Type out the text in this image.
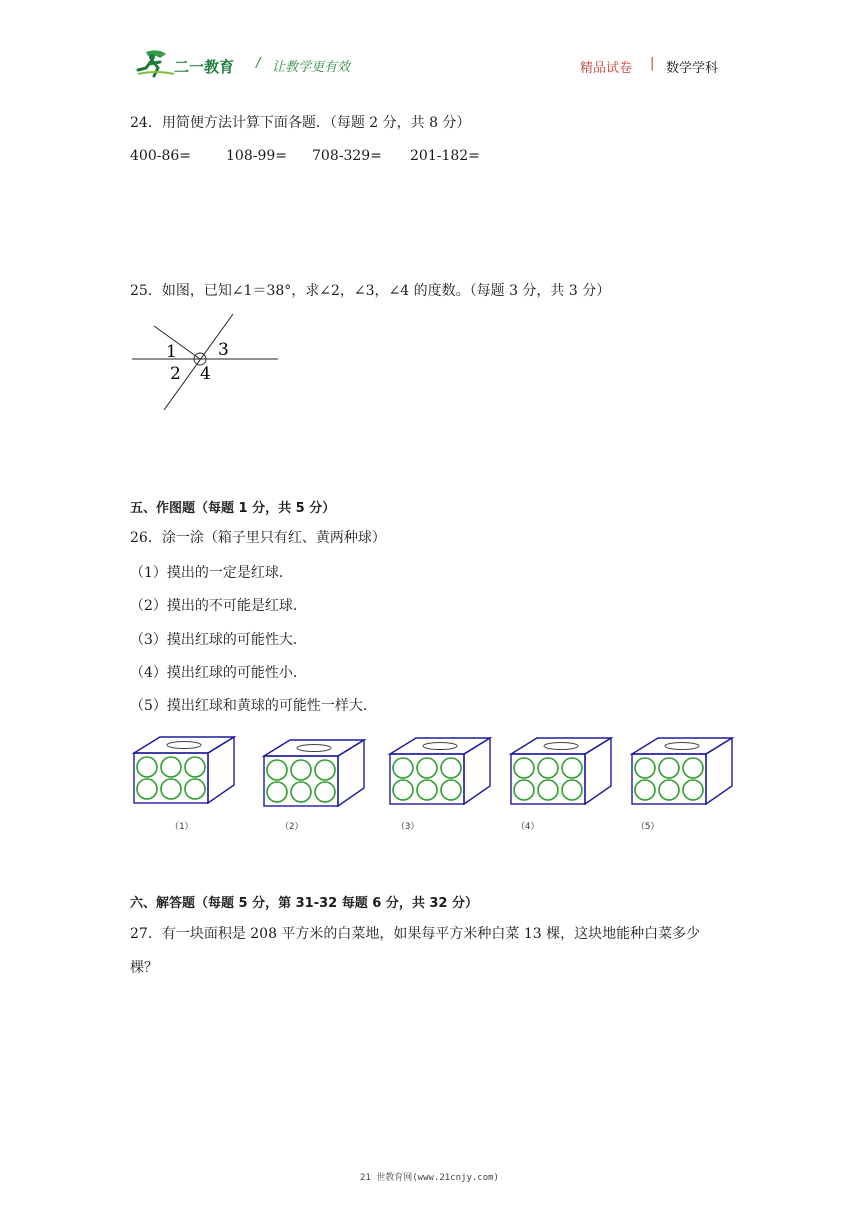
二一教育 / 让教学更有效	精品试卷 | 数学学科
24．用简便方法计算下面各题．（每题 2 分，共 8 分）
400-86=	108-99= 708-329= 201-182=
25．如图，已知∠1＝38°，求∠2，∠3，∠4 的度数。（每题 3 分，共 3 分）
1 3
2 4
五、作图题（每题 1 分，共 5 分）
26．涂一涂（箱子里只有红、黄两种球）
（1）摸出的一定是红球．
（2）摸出的不可能是红球．
（3）摸出红球的可能性大．
（4）摸出红球的可能性小．
（5）摸出红球和黄球的可能性一样大．
（1）	（2）	（3）	（4）	（5）
六、解答题（每题 5 分，第 31-32 每题 6 分，共 32 分）
27．有一块面积是 208 平方米的白菜地，如果每平方米种白菜 13 棵，这块地能种白菜多少
棵？
21 世教育网(www.21cnjy.com)
